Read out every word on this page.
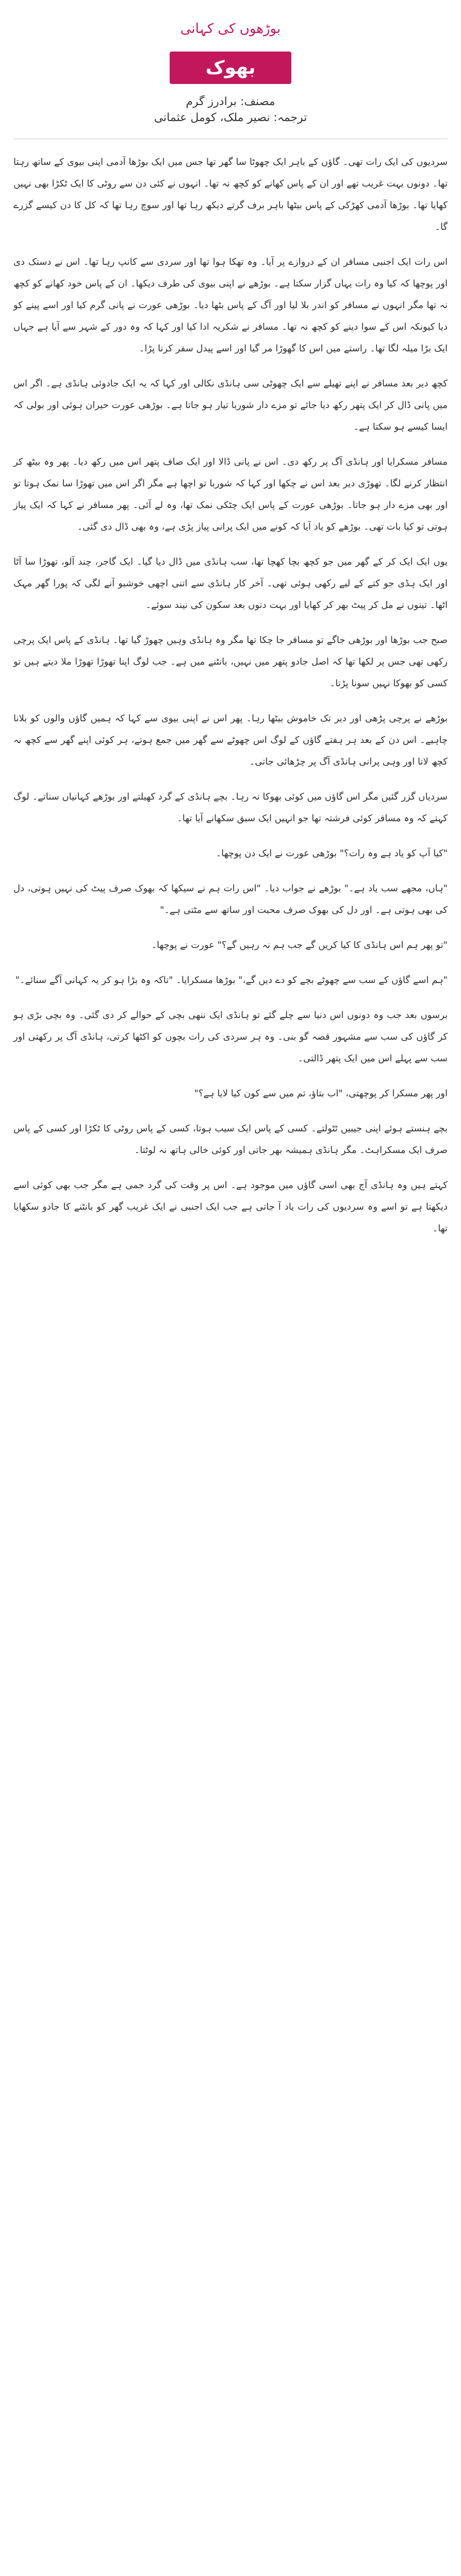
بوڑھوں کی کہانی
بھوک
مصنف: برادرز گرم
ترجمہ: نصیر ملک، کومل عثمانی

سردیوں کی ایک رات تھی۔ گاؤں کے باہر ایک چھوٹا سا گھر تھا جس میں ایک بوڑھا آدمی اپنی بیوی کے ساتھ رہتا تھا۔ دونوں بہت غریب تھے اور ان کے پاس کھانے کو کچھ نہ تھا۔ انہوں نے کئی دن سے روٹی کا ایک ٹکڑا بھی نہیں کھایا تھا۔ بوڑھا آدمی کھڑکی کے پاس بیٹھا باہر برف گرتے دیکھ رہا تھا اور سوچ رہا تھا کہ کل کا دن کیسے گزرے گا۔

اس رات ایک اجنبی مسافر ان کے دروازے پر آیا۔ وہ تھکا ہوا تھا اور سردی سے کانپ رہا تھا۔ اس نے دستک دی اور پوچھا کہ کیا وہ رات یہاں گزار سکتا ہے۔ بوڑھے نے اپنی بیوی کی طرف دیکھا۔ ان کے پاس خود کھانے کو کچھ نہ تھا مگر انہوں نے مسافر کو اندر بلا لیا اور آگ کے پاس بٹھا دیا۔ بوڑھی عورت نے پانی گرم کیا اور اسے پینے کو دیا کیونکہ اس کے سوا دینے کو کچھ نہ تھا۔ مسافر نے شکریہ ادا کیا اور کہا کہ وہ دور کے شہر سے آیا ہے جہاں ایک بڑا میلہ لگا تھا۔ راستے میں اس کا گھوڑا مر گیا اور اسے پیدل سفر کرنا پڑا۔

کچھ دیر بعد مسافر نے اپنے تھیلے سے ایک چھوٹی سی ہانڈی نکالی اور کہا کہ یہ ایک جادوئی ہانڈی ہے۔ اگر اس میں پانی ڈال کر ایک پتھر رکھ دیا جائے تو مزے دار شوربا تیار ہو جاتا ہے۔ بوڑھی عورت حیران ہوئی اور بولی کہ ایسا کیسے ہو سکتا ہے۔

مسافر مسکرایا اور ہانڈی آگ پر رکھ دی۔ اس نے پانی ڈالا اور ایک صاف پتھر اس میں رکھ دیا۔ پھر وہ بیٹھ کر انتظار کرنے لگا۔ تھوڑی دیر بعد اس نے چکھا اور کہا کہ شوربا تو اچھا ہے مگر اگر اس میں تھوڑا سا نمک ہوتا تو اور بھی مزے دار ہو جاتا۔ بوڑھی عورت کے پاس ایک چٹکی نمک تھا، وہ لے آئی۔ پھر مسافر نے کہا کہ ایک پیاز ہوتی تو کیا بات تھی۔ بوڑھے کو یاد آیا کہ کونے میں ایک پرانی پیاز پڑی ہے، وہ بھی ڈال دی گئی۔

یوں ایک ایک کر کے گھر میں جو کچھ بچا کھچا تھا، سب ہانڈی میں ڈال دیا گیا۔ ایک گاجر، چند آلو، تھوڑا سا آٹا اور ایک ہڈی جو کتے کے لیے رکھی ہوئی تھی۔ آخر کار ہانڈی سے اتنی اچھی خوشبو آنے لگی کہ پورا گھر مہک اٹھا۔ تینوں نے مل کر پیٹ بھر کر کھایا اور بہت دنوں بعد سکون کی نیند سوئے۔

صبح جب بوڑھا اور بوڑھی جاگے تو مسافر جا چکا تھا مگر وہ ہانڈی وہیں چھوڑ گیا تھا۔ ہانڈی کے پاس ایک پرچی رکھی تھی جس پر لکھا تھا کہ اصل جادو پتھر میں نہیں، بانٹنے میں ہے۔ جب لوگ اپنا تھوڑا تھوڑا ملا دیتے ہیں تو کسی کو بھوکا نہیں سونا پڑتا۔

بوڑھے نے پرچی پڑھی اور دیر تک خاموش بیٹھا رہا۔ پھر اس نے اپنی بیوی سے کہا کہ ہمیں گاؤں والوں کو بلانا چاہیے۔ اس دن کے بعد ہر ہفتے گاؤں کے لوگ اس چھوٹے سے گھر میں جمع ہوتے، ہر کوئی اپنے گھر سے کچھ نہ کچھ لاتا اور وہی پرانی ہانڈی آگ پر چڑھائی جاتی۔

سردیاں گزر گئیں مگر اس گاؤں میں کوئی بھوکا نہ رہا۔ بچے ہانڈی کے گرد کھیلتے اور بوڑھے کہانیاں سناتے۔ لوگ کہتے کہ وہ مسافر کوئی فرشتہ تھا جو انہیں ایک سبق سکھانے آیا تھا۔

"کیا آپ کو یاد ہے وہ رات؟" بوڑھی عورت نے ایک دن پوچھا۔

"ہاں، مجھے سب یاد ہے۔" بوڑھے نے جواب دیا۔ "اس رات ہم نے سیکھا کہ بھوک صرف پیٹ کی نہیں ہوتی، دل کی بھی ہوتی ہے۔ اور دل کی بھوک صرف محبت اور ساتھ سے مٹتی ہے۔"

"تو پھر ہم اس ہانڈی کا کیا کریں گے جب ہم نہ رہیں گے؟" عورت نے پوچھا۔

"ہم اسے گاؤں کے سب سے چھوٹے بچے کو دے دیں گے،" بوڑھا مسکرایا۔ "تاکہ وہ بڑا ہو کر یہ کہانی آگے سنائے۔"

برسوں بعد جب وہ دونوں اس دنیا سے چلے گئے تو ہانڈی ایک ننھی بچی کے حوالے کر دی گئی۔ وہ بچی بڑی ہو کر گاؤں کی سب سے مشہور قصہ گو بنی۔ وہ ہر سردی کی رات بچوں کو اکٹھا کرتی، ہانڈی آگ پر رکھتی اور سب سے پہلے اس میں ایک پتھر ڈالتی۔

اور پھر مسکرا کر پوچھتی، "اب بتاؤ، تم میں سے کون کیا لایا ہے؟"

بچے ہنستے ہوئے اپنی جیبیں ٹٹولتے۔ کسی کے پاس ایک سیب ہوتا، کسی کے پاس روٹی کا ٹکڑا اور کسی کے پاس صرف ایک مسکراہٹ۔ مگر ہانڈی ہمیشہ بھر جاتی اور کوئی خالی ہاتھ نہ لوٹتا۔

کہتے ہیں وہ ہانڈی آج بھی اسی گاؤں میں موجود ہے۔ اس پر وقت کی گرد جمی ہے مگر جب بھی کوئی اسے دیکھتا ہے تو اسے وہ سردیوں کی رات یاد آ جاتی ہے جب ایک اجنبی نے ایک غریب گھر کو بانٹنے کا جادو سکھایا تھا۔
